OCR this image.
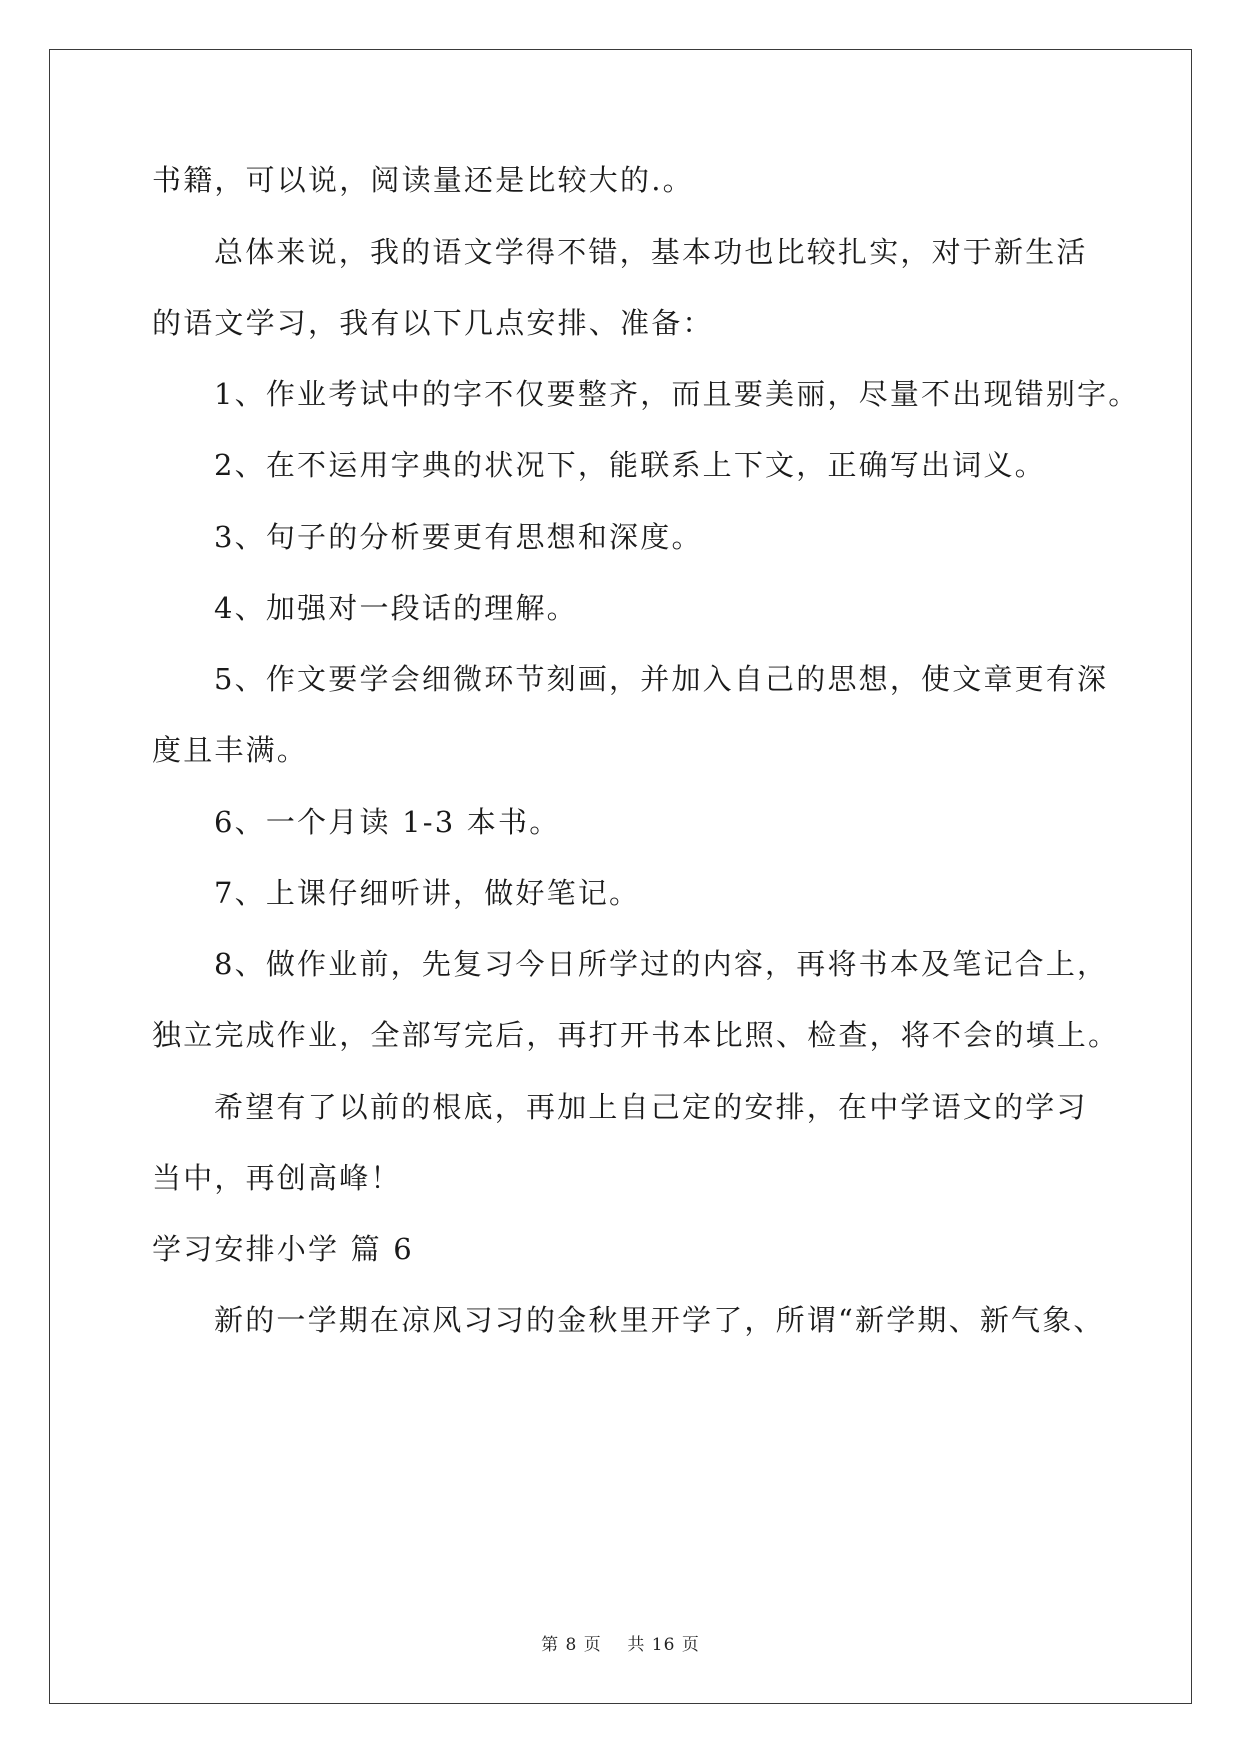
书籍，可以说，阅读量还是比较大的.。
总体来说，我的语文学得不错，基本功也比较扎实，对于新生活
的语文学习，我有以下几点安排、准备：
1、作业考试中的字不仅要整齐，而且要美丽，尽量不出现错别字。
2、在不运用字典的状况下，能联系上下文，正确写出词义。
3、句子的分析要更有思想和深度。
4、加强对一段话的理解。
5、作文要学会细微环节刻画，并加入自己的思想，使文章更有深
度且丰满。
6、一个月读 1-3 本书。
7、上课仔细听讲，做好笔记。
8、做作业前，先复习今日所学过的内容，再将书本及笔记合上，
独立完成作业，全部写完后，再打开书本比照、检查，将不会的填上。
希望有了以前的根底，再加上自己定的安排，在中学语文的学习
当中，再创高峰！
学习安排小学 篇 6
新的一学期在凉风习习的金秋里开学了，所谓“新学期、新气象、
第 8 页    共 16 页
